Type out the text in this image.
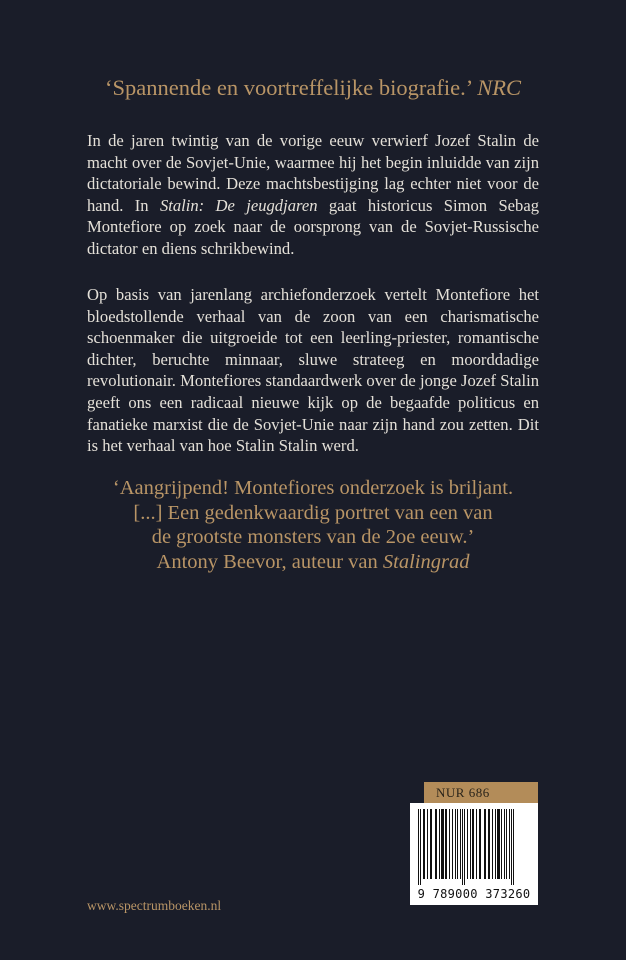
‘Spannende en voortreffelijke biografie.’ NRC
In de jaren twintig van de vorige eeuw verwierf Jozef Stalin de macht over de Sovjet-Unie, waarmee hij het begin inluidde van zijn dictatoriale bewind. Deze machtsbestijging lag echter niet voor de hand. In Stalin: De jeugdjaren gaat historicus Simon Sebag Montefiore op zoek naar de oorsprong van de Sovjet-Russische dictator en diens schrikbewind.
Op basis van jarenlang archiefonderzoek vertelt Montefiore het bloedstollende verhaal van de zoon van een charismatische schoenmaker die uitgroeide tot een leerling-priester, romantische dichter, beruchte minnaar, sluwe strateeg en moorddadige revolutionair. Montefiores standaardwerk over de jonge Jozef Stalin geeft ons een radicaal nieuwe kijk op de begaafde politicus en fanatieke marxist die de Sovjet-Unie naar zijn hand zou zetten. Dit is het verhaal van hoe Stalin Stalin werd.
‘Aangrijpend! Montefiores onderzoek is briljant.
[...] Een gedenkwaardig portret van een van
de grootste monsters van de 2oe eeuw.’
Antony Beevor, auteur van Stalingrad
NUR 686
9 789000 373260
www.spectrumboeken.nl
